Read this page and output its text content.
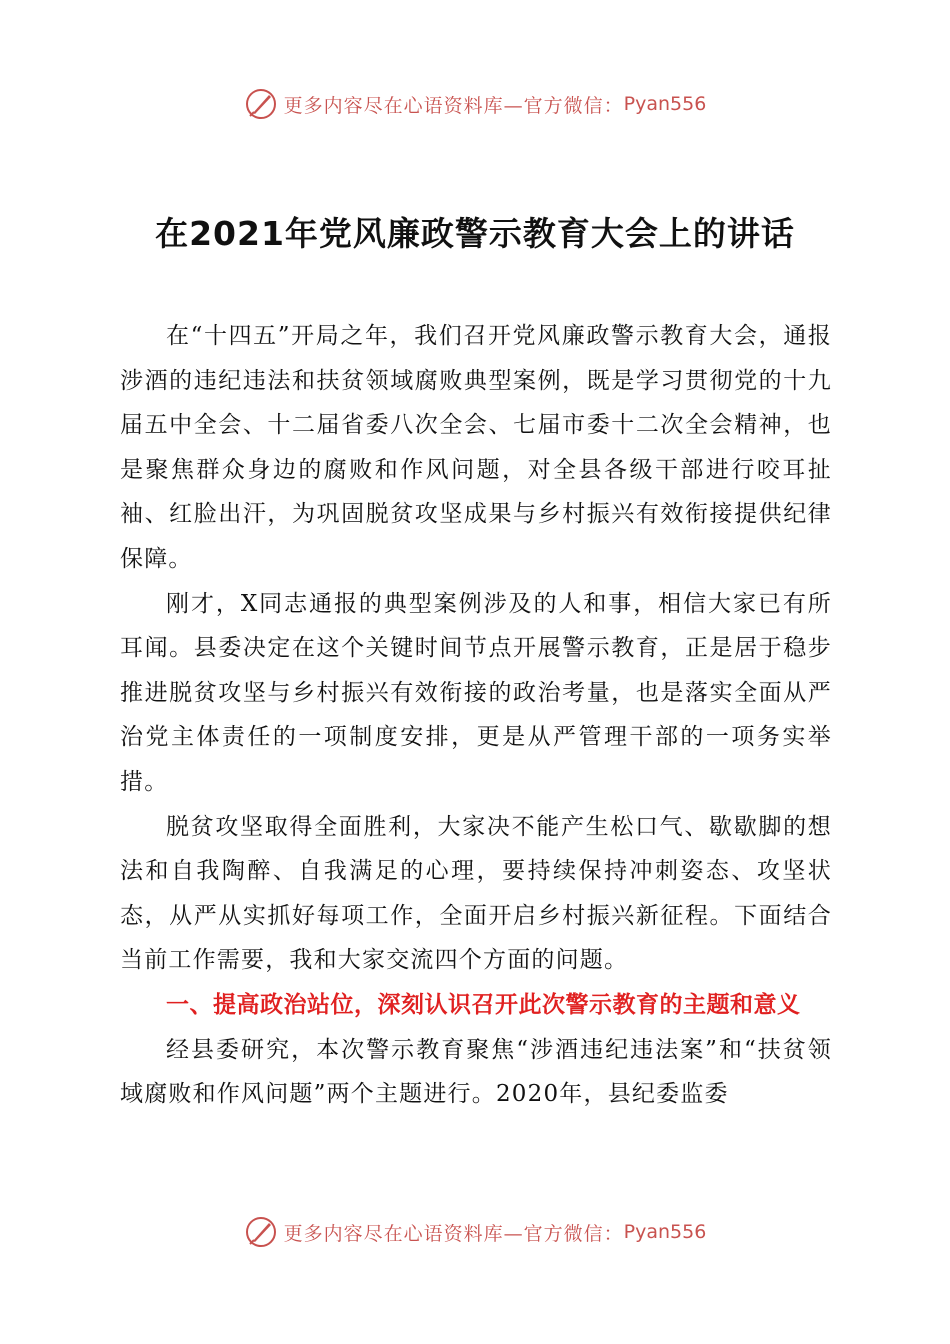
更多内容尽在心语资料库—官方微信： Pyan556
在2021年党风廉政警示教育大会上的讲话

在“十四五”开局之年，我们召开党风廉政警示教育大会，通报涉酒的违纪违法和扶贫领域腐败典型案例，既是学习贯彻党的十九届五中全会、十二届省委八次全会、七届市委十二次全会精神，也是聚焦群众身边的腐败和作风问题，对全县各级干部进行咬耳扯袖、红脸出汗，为巩固脱贫攻坚成果与乡村振兴有效衔接提供纪律保障。

刚才，X同志通报的典型案例涉及的人和事，相信大家已有所耳闻。县委决定在这个关键时间节点开展警示教育，正是居于稳步推进脱贫攻坚与乡村振兴有效衔接的政治考量，也是落实全面从严治党主体责任的一项制度安排，更是从严管理干部的一项务实举措。

脱贫攻坚取得全面胜利，大家决不能产生松口气、歇歇脚的想法和自我陶醉、自我满足的心理，要持续保持冲刺姿态、攻坚状态，从严从实抓好每项工作，全面开启乡村振兴新征程。下面结合当前工作需要，我和大家交流四个方面的问题。

一、提高政治站位，深刻认识召开此次警示教育的主题和意义

经县委研究，本次警示教育聚焦“涉酒违纪违法案”和“扶贫领域腐败和作风问题”两个主题进行。2020年，县纪委监委

更多内容尽在心语资料库—官方微信： Pyan556
